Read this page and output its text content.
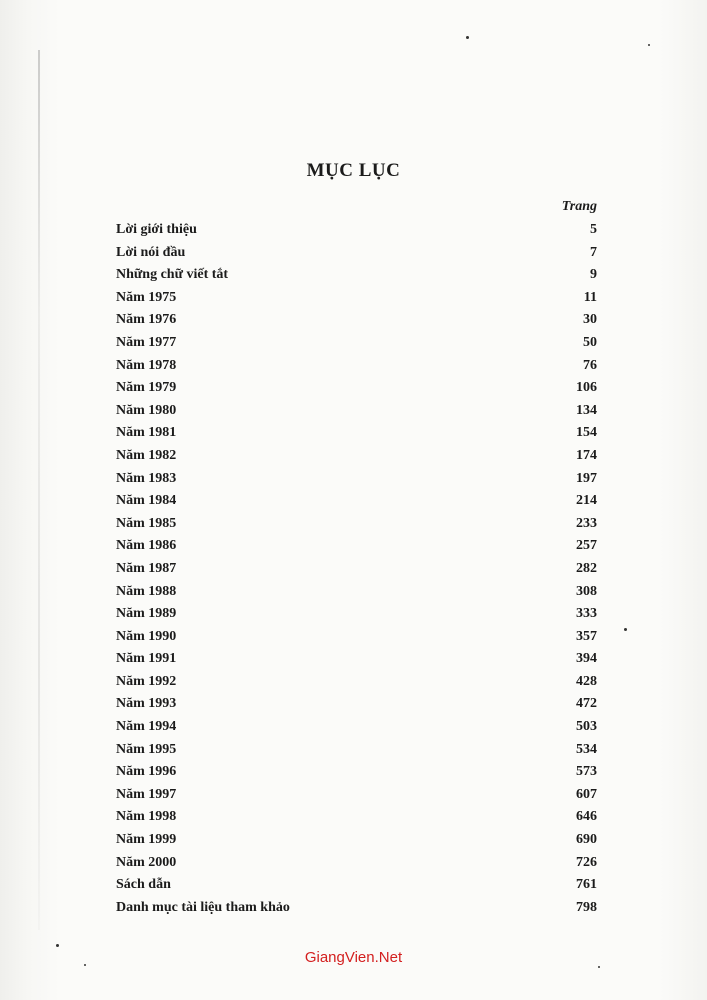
MỤC LỤC
Trang
Lời giới thiệu	5
Lời nói đầu	7
Những chữ viết tắt	9
Năm 1975	11
Năm 1976	30
Năm 1977	50
Năm 1978	76
Năm 1979	106
Năm 1980	134
Năm 1981	154
Năm 1982	174
Năm 1983	197
Năm 1984	214
Năm 1985	233
Năm 1986	257
Năm 1987	282
Năm 1988	308
Năm 1989	333
Năm 1990	357
Năm 1991	394
Năm 1992	428
Năm 1993	472
Năm 1994	503
Năm 1995	534
Năm 1996	573
Năm 1997	607
Năm 1998	646
Năm 1999	690
Năm 2000	726
Sách dẫn	761
Danh mục tài liệu tham khảo	798
GiangVien.Net
